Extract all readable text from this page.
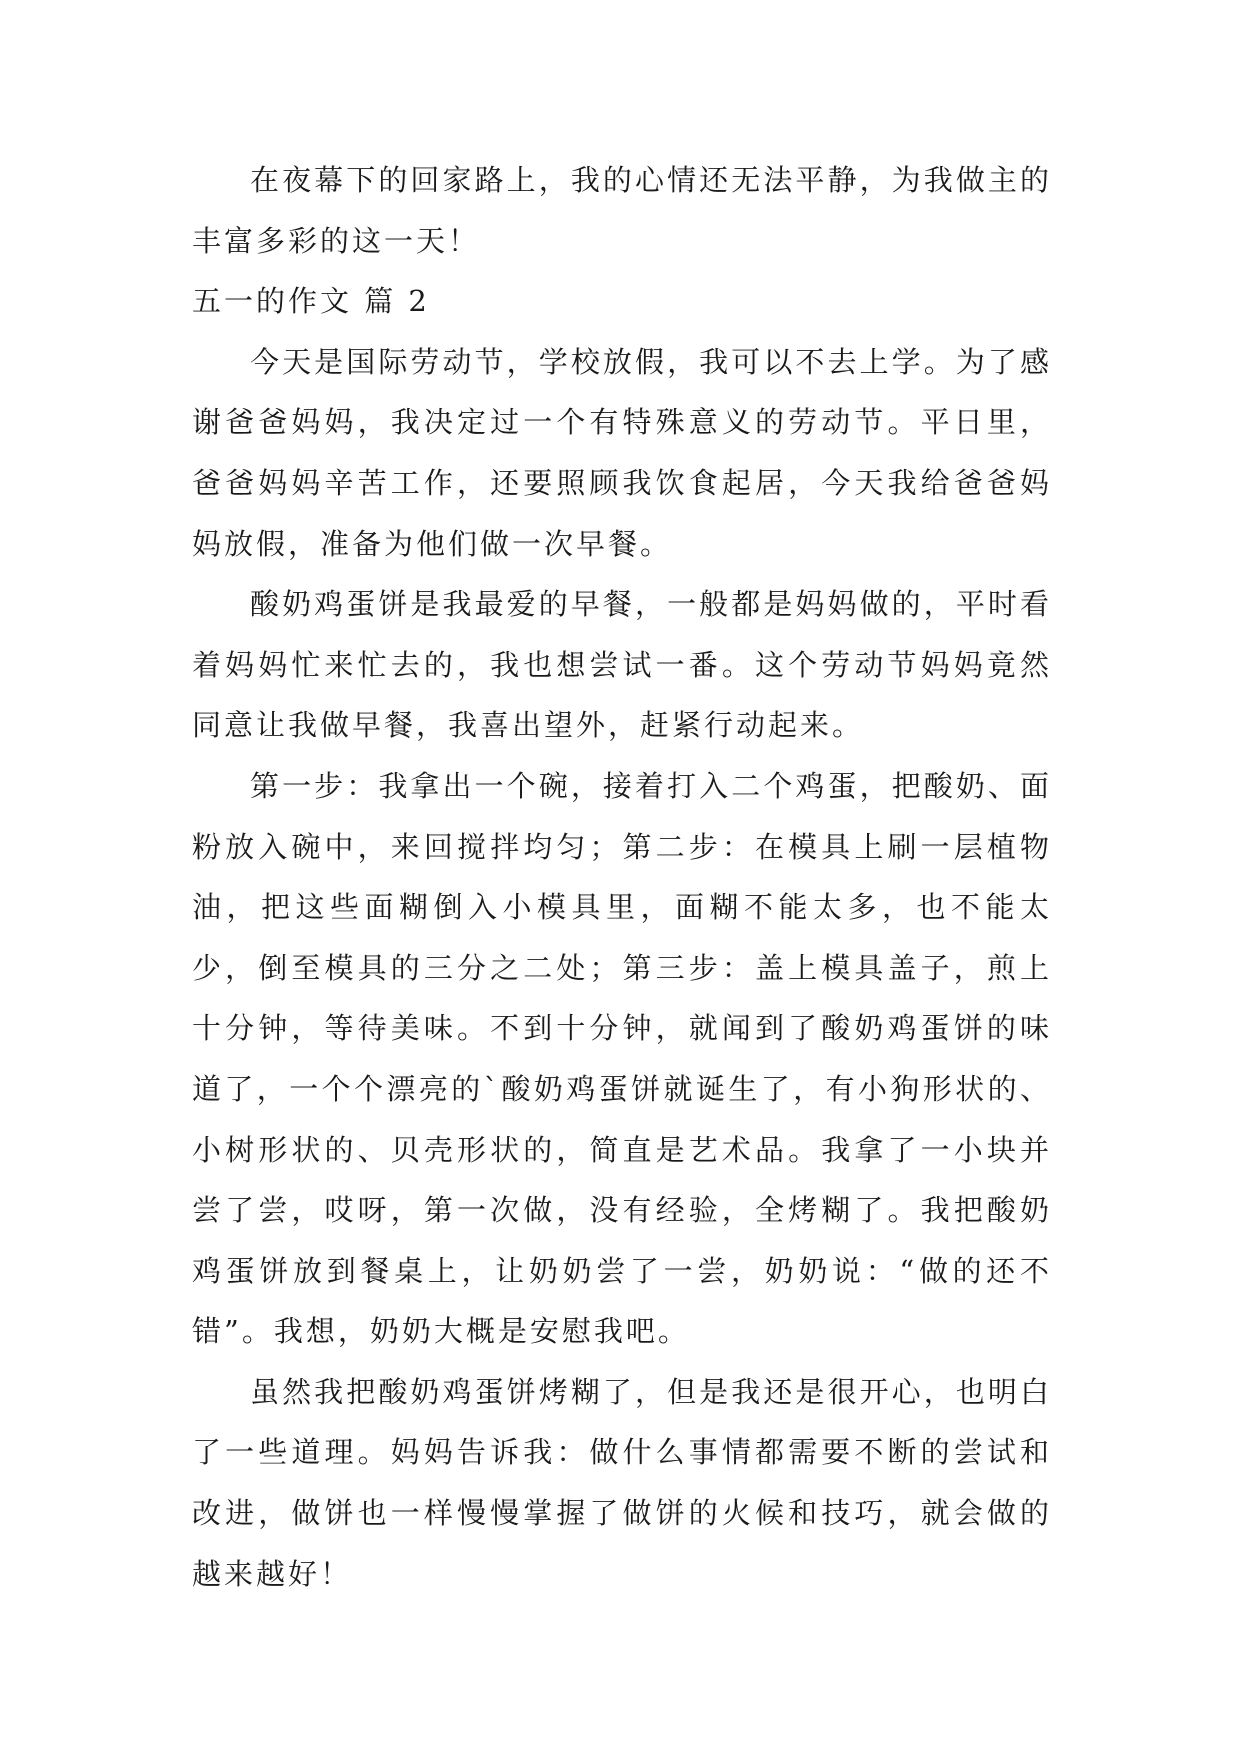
在夜幕下的回家路上，我的心情还无法平静，为我做主的丰富多彩的这一天！

五一的作文 篇 2

今天是国际劳动节，学校放假，我可以不去上学。为了感谢爸爸妈妈，我决定过一个有特殊意义的劳动节。平日里，爸爸妈妈辛苦工作，还要照顾我饮食起居，今天我给爸爸妈妈放假，准备为他们做一次早餐。

酸奶鸡蛋饼是我最爱的早餐，一般都是妈妈做的，平时看着妈妈忙来忙去的，我也想尝试一番。这个劳动节妈妈竟然同意让我做早餐，我喜出望外，赶紧行动起来。

第一步：我拿出一个碗，接着打入二个鸡蛋，把酸奶、面粉放入碗中，来回搅拌均匀；第二步：在模具上刷一层植物油，把这些面糊倒入小模具里，面糊不能太多，也不能太少，倒至模具的三分之二处；第三步：盖上模具盖子，煎上十分钟，等待美味。不到十分钟，就闻到了酸奶鸡蛋饼的味道了，一个个漂亮的`酸奶鸡蛋饼就诞生了，有小狗形状的、小树形状的、贝壳形状的，简直是艺术品。我拿了一小块并尝了尝，哎呀，第一次做，没有经验，全烤糊了。我把酸奶鸡蛋饼放到餐桌上，让奶奶尝了一尝，奶奶说：“做的还不错”。我想，奶奶大概是安慰我吧。

虽然我把酸奶鸡蛋饼烤糊了，但是我还是很开心，也明白了一些道理。妈妈告诉我：做什么事情都需要不断的尝试和改进，做饼也一样慢慢掌握了做饼的火候和技巧，就会做的越来越好！
